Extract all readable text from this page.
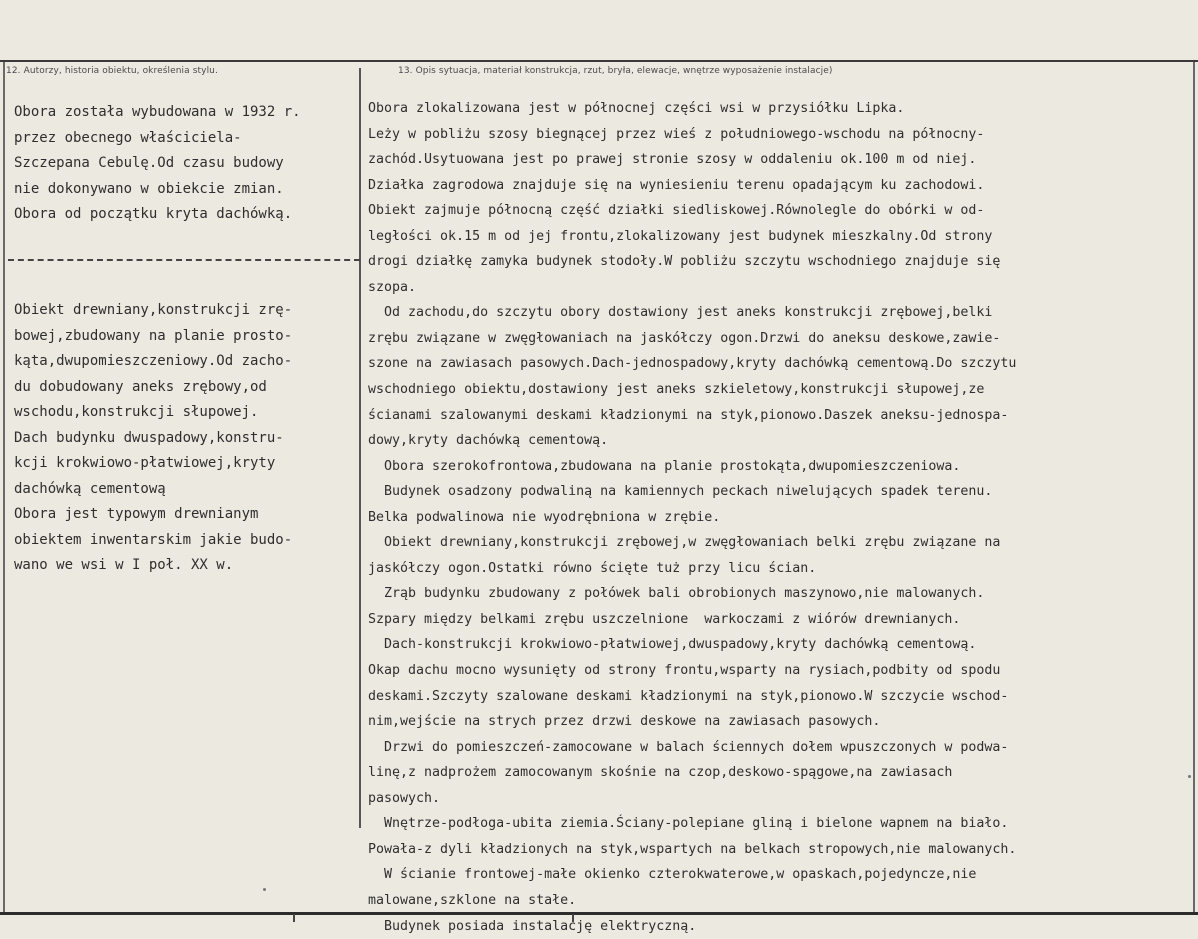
12. Autorzy, historia obiektu, określenia stylu.	13. Opis sytuacja, materiał konstrukcja, rzut, bryła, elewacje, wnętrze wyposażenie instalacje)
Obora została wybudowana w 1932 r.
przez obecnego właściciela-
Szczepana Cebulę.Od czasu budowy
nie dokonywano w obiekcie zmian.
Obora od początku kryta dachówką.
Obiekt drewniany,konstrukcji zrę-
bowej,zbudowany na planie prosto-
kąta,dwupomieszczeniowy.Od zacho-
du dobudowany aneks zrębowy,od
wschodu,konstrukcji słupowej.
Dach budynku dwuspadowy,konstru-
kcji krokwiowo-płatwiowej,kryty
dachówką cementową
Obora jest typowym drewnianym
obiektem inwentarskim jakie budo-
wano we wsi w I poł. XX w.
Obora zlokalizowana jest w północnej części wsi w przysiółku Lipka.
Leży w pobliżu szosy biegnącej przez wieś z południowego-wschodu na północny-
zachód.Usytuowana jest po prawej stronie szosy w oddaleniu ok.100 m od niej.
Działka zagrodowa znajduje się na wyniesieniu terenu opadającym ku zachodowi.
Obiekt zajmuje północną część działki siedliskowej.Równolegle do obórki w od-
ległości ok.15 m od jej frontu,zlokalizowany jest budynek mieszkalny.Od strony
drogi działkę zamyka budynek stodoły.W pobliżu szczytu wschodniego znajduje się
szopa.
Od zachodu,do szczytu obory dostawiony jest aneks konstrukcji zrębowej,belki
zrębu związane w zwęgłowaniach na jaskółczy ogon.Drzwi do aneksu deskowe,zawie-
szone na zawiasach pasowych.Dach-jednospadowy,kryty dachówką cementową.Do szczytu
wschodniego obiektu,dostawiony jest aneks szkieletowy,konstrukcji słupowej,ze
ścianami szalowanymi deskami kładzionymi na styk,pionowo.Daszek aneksu-jednospa-
dowy,kryty dachówką cementową.
Obora szerokofrontowa,zbudowana na planie prostokąta,dwupomieszczeniowa.
Budynek osadzony podwaliną na kamiennych peckach niwelujących spadek terenu.
Belka podwalinowa nie wyodrębniona w zrębie.
Obiekt drewniany,konstrukcji zrębowej,w zwęgłowaniach belki zrębu związane na
jaskółczy ogon.Ostatki równo ścięte tuż przy licu ścian.
Zrąb budynku zbudowany z połówek bali obrobionych maszynowo,nie malowanych.
Szpary między belkami zrębu uszczelnione  warkoczami z wiórów drewnianych.
Dach-konstrukcji krokwiowo-płatwiowej,dwuspadowy,kryty dachówką cementową.
Okap dachu mocno wysunięty od strony frontu,wsparty na rysiach,podbity od spodu
deskami.Szczyty szalowane deskami kładzionymi na styk,pionowo.W szczycie wschod-
nim,wejście na strych przez drzwi deskowe na zawiasach pasowych.
Drzwi do pomieszczeń-zamocowane w balach ściennych dołem wpuszczonych w podwa-
linę,z nadprożem zamocowanym skośnie na czop,deskowo-spągowe,na zawiasach
pasowych.
Wnętrze-podłoga-ubita ziemia.Ściany-polepiane gliną i bielone wapnem na biało.
Powała-z dyli kładzionych na styk,wspartych na belkach stropowych,nie malowanych.
W ścianie frontowej-małe okienko czterokwaterowe,w opaskach,pojedyncze,nie
malowane,szklone na stałe.
Budynek posiada instalację elektryczną.
